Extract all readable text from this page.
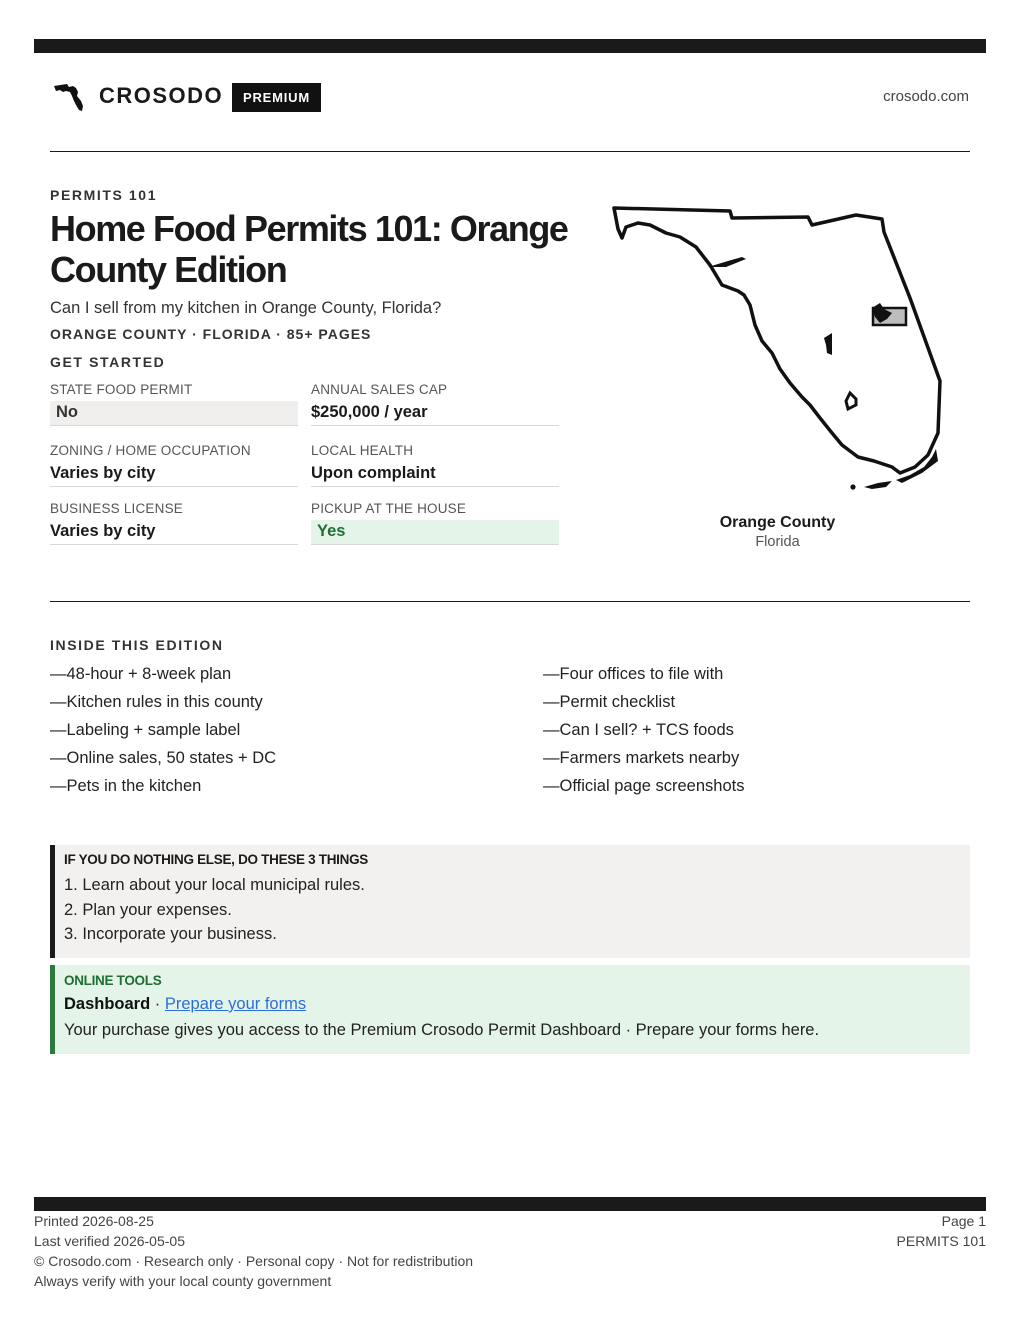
CROSODO	PREMIUM	crosodo.com
PERMITS 101
Home Food Permits 101: Orange County Edition
Can I sell from my kitchen in Orange County, Florida?
ORANGE COUNTY · FLORIDA · 85+ PAGES
GET STARTED
STATE FOOD PERMIT
No
ANNUAL SALES CAP
$250,000 / year
ZONING / HOME OCCUPATION
Varies by city
LOCAL HEALTH
Upon complaint
BUSINESS LICENSE
Varies by city
PICKUP AT THE HOUSE
Yes	Orange County
Florida
INSIDE THIS EDITION
—48-hour + 8-week plan
—Kitchen rules in this county
—Labeling + sample label
—Online sales, 50 states + DC
—Pets in the kitchen
—Four offices to file with
—Permit checklist
—Can I sell? + TCS foods
—Farmers markets nearby
—Official page screenshots
IF YOU DO NOTHING ELSE, DO THESE 3 THINGS
1. Learn about your local municipal rules.
2. Plan your expenses.
3. Incorporate your business.
ONLINE TOOLS
Dashboard · Prepare your forms
Your purchase gives you access to the Premium Crosodo Permit Dashboard · Prepare your forms here.
Printed 2026-08-25
Last verified 2026-05-05
© Crosodo.com · Research only · Personal copy · Not for redistribution
Always verify with your local county government
Page 1
PERMITS 101
